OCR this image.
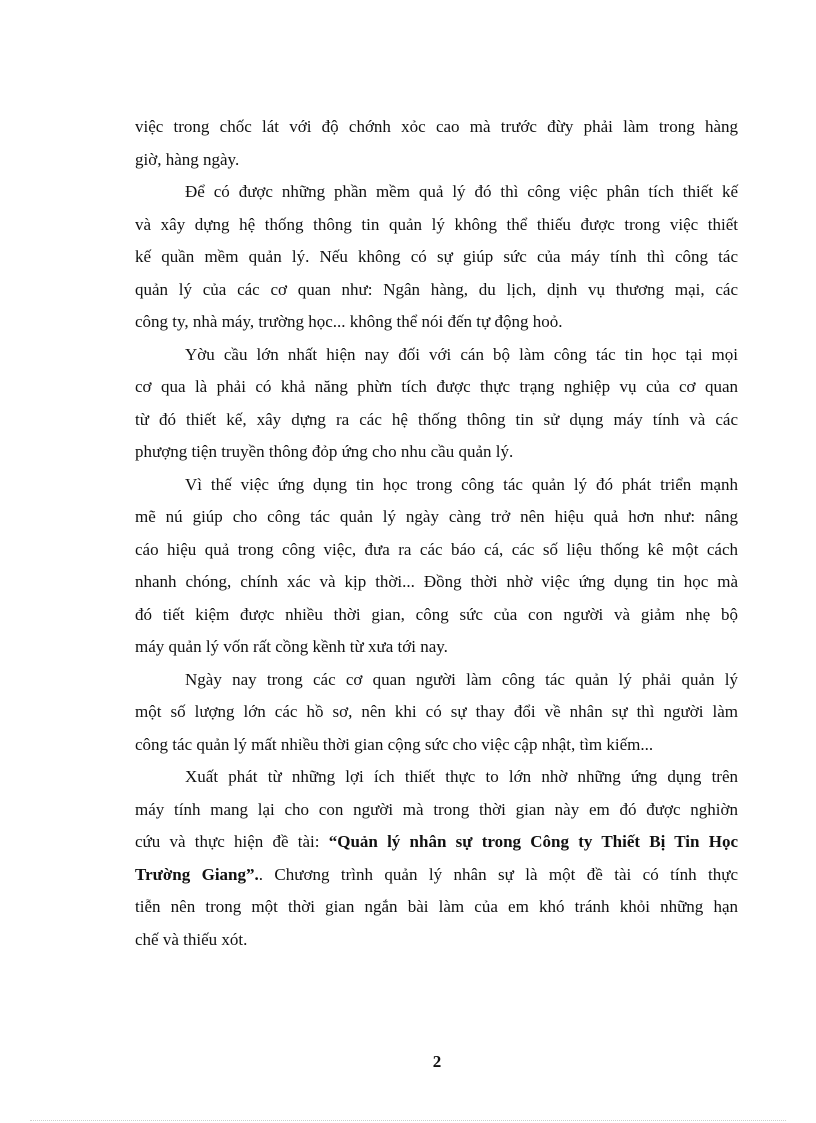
việc trong chốc lát với độ chớnh xỏc cao mà trước đừy phải làm trong hàng
giờ, hàng ngày.
Để có được những phần mềm quả lý đó thì công việc phân tích thiết kế
và xây dựng hệ thống thông tin quản lý không thể thiếu được trong việc thiết
kế quần mềm quản lý. Nếu không có sự giúp sức của máy tính thì công tác
quản lý của các cơ quan như: Ngân hàng, du lịch, dịnh vụ thương mại, các
công ty, nhà máy, trường học... không thể nói đến tự động hoỏ.
Yờu cầu lớn nhất hiện nay đối với cán bộ làm công tác tin học tại mọi
cơ qua là phải có khả năng phừn tích được thực trạng nghiệp vụ của cơ quan
từ đó thiết kế, xây dựng ra các hệ thống thông tin sử dụng máy tính và các
phượng tiện truyền thông đỏp ứng cho nhu cầu quản lý.
Vì thế việc ứng dụng tin học trong công tác quản lý đó phát triển mạnh
mẽ nú giúp cho công tác quản lý ngày càng trở nên hiệu quả hơn như: nâng
cáo hiệu quả trong công việc, đưa ra các báo cá, các số liệu thống kê một cách
nhanh chóng, chính xác và kịp thời... Đồng thời nhờ việc ứng dụng tin học mà
đó tiết kiệm được nhiều thời gian, công sức của con người và giảm nhẹ bộ
máy quản lý vốn rất cồng kềnh từ xưa tới nay.
Ngày nay trong các cơ quan người làm công tác quản lý phải quản lý
một số lượng lớn các hồ sơ, nên khi có sự thay đổi về nhân sự thì người làm
công tác quản lý mất nhiều thời gian cộng sức cho việc cập nhật, tìm kiếm...
Xuất phát từ những lợi ích thiết thực to lớn nhờ những ứng dụng trên
máy tính mang lại cho con người mà trong thời gian này em đó được nghiờn
cứu và thực hiện đề tài: “Quản lý nhân sự trong Công ty Thiết Bị Tin Học
Trường Giang”.. Chương trình quản lý nhân sự là một đề tài có tính thực
tiễn nên trong một thời gian ngắn bài làm của em khó tránh khỏi những hạn
chế và thiếu xót.
2
